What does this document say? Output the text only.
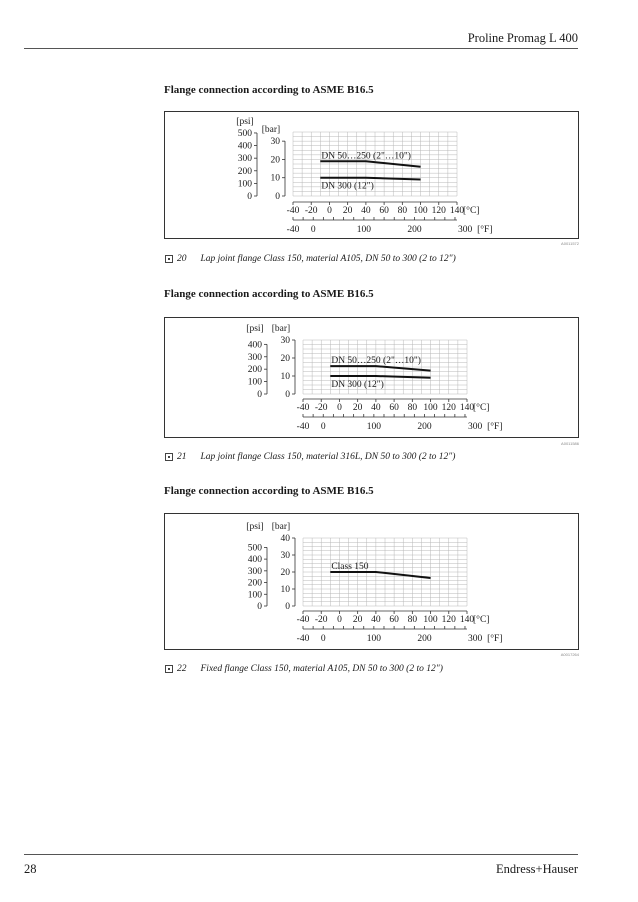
Proline Promag L 400
Flange connection according to ASME B16.5
30
20
10
0
[bar]
500
400
300
200
100
0
[psi]
-40 -20 0 20 40 60 80 100 120 140
[°C]
-40 0	100	200	300 [°F]
DN 50…250 (2"…10")
DN 300 (12")
A0011572
20 Lap joint flange Class 150, material A105, DN 50 to 300 (2 to 12")
Flange connection according to ASME B16.5
30
20
10
0
[bar]
400
300
200
100
0
[psi]
-40 -20 0 20 40 60 80 100 120 140
[°C]
-40 0	100	200	300 [°F]
DN 50…250 (2"…10")
DN 300 (12")
A0011586
21 Lap joint flange Class 150, material 316L, DN 50 to 300 (2 to 12")
Flange connection according to ASME B16.5
40
30
20
10
0
[bar]
500
400
300
200
100
0
[psi]
-40 -20 0 20 40 60 80 100 120 140
[°C]
-40 0	100	200	300 [°F]
Class 150
A0017264
22 Fixed flange Class 150, material A105, DN 50 to 300 (2 to 12")
28	Endress+Hauser
